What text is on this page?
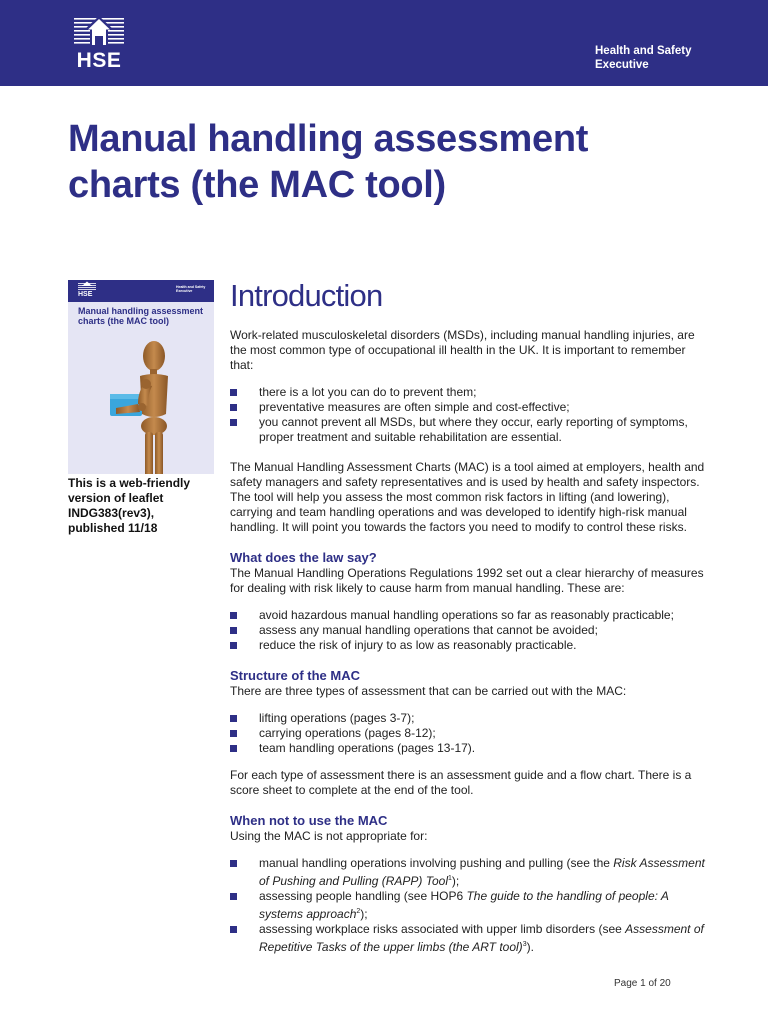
HSE	Health and Safety Executive
Manual handling assessment charts (the MAC tool)
HSE
Health and Safety Executive
Manual handling assessment charts (the MAC tool)
This is a web-friendly version of leaflet INDG383(rev3), published 11/18
Introduction

Work-related musculoskeletal disorders (MSDs), including manual handling injuries, are the most common type of occupational ill health in the UK. It is important to remember that:

there is a lot you can do to prevent them;
preventative measures are often simple and cost-effective;
you cannot prevent all MSDs, but where they occur, early reporting of symptoms, proper treatment and suitable rehabilitation are essential.

The Manual Handling Assessment Charts (MAC) is a tool aimed at employers, health and safety managers and safety representatives and is used by health and safety inspectors. The tool will help you assess the most common risk factors in lifting (and lowering), carrying and team handling operations and was developed to identify high-risk manual handling. It will point you towards the factors you need to modify to control these risks.

What does the law say?

The Manual Handling Operations Regulations 1992 set out a clear hierarchy of measures for dealing with risk likely to cause harm from manual handling. These are:

avoid hazardous manual handling operations so far as reasonably practicable;
assess any manual handling operations that cannot be avoided;
reduce the risk of injury to as low as reasonably practicable.
Structure of the MAC

There are three types of assessment that can be carried out with the MAC:

lifting operations (pages 3-7);
carrying operations (pages 8-12);
team handling operations (pages 13-17).

For each type of assessment there is an assessment guide and a flow chart. There is a score sheet to complete at the end of the tool.

When not to use the MAC

Using the MAC is not appropriate for:

manual handling operations involving pushing and pulling (see the Risk Assessment of Pushing and Pulling (RAPP) Tool$^1$);
assessing people handling (see HOP6 The guide to the handling of people: A systems approach$^2$);
assessing workplace risks associated with upper limb disorders (see Assessment of Repetitive Tasks of the upper limbs (the ART tool)$^3$).
Page 1 of 20
